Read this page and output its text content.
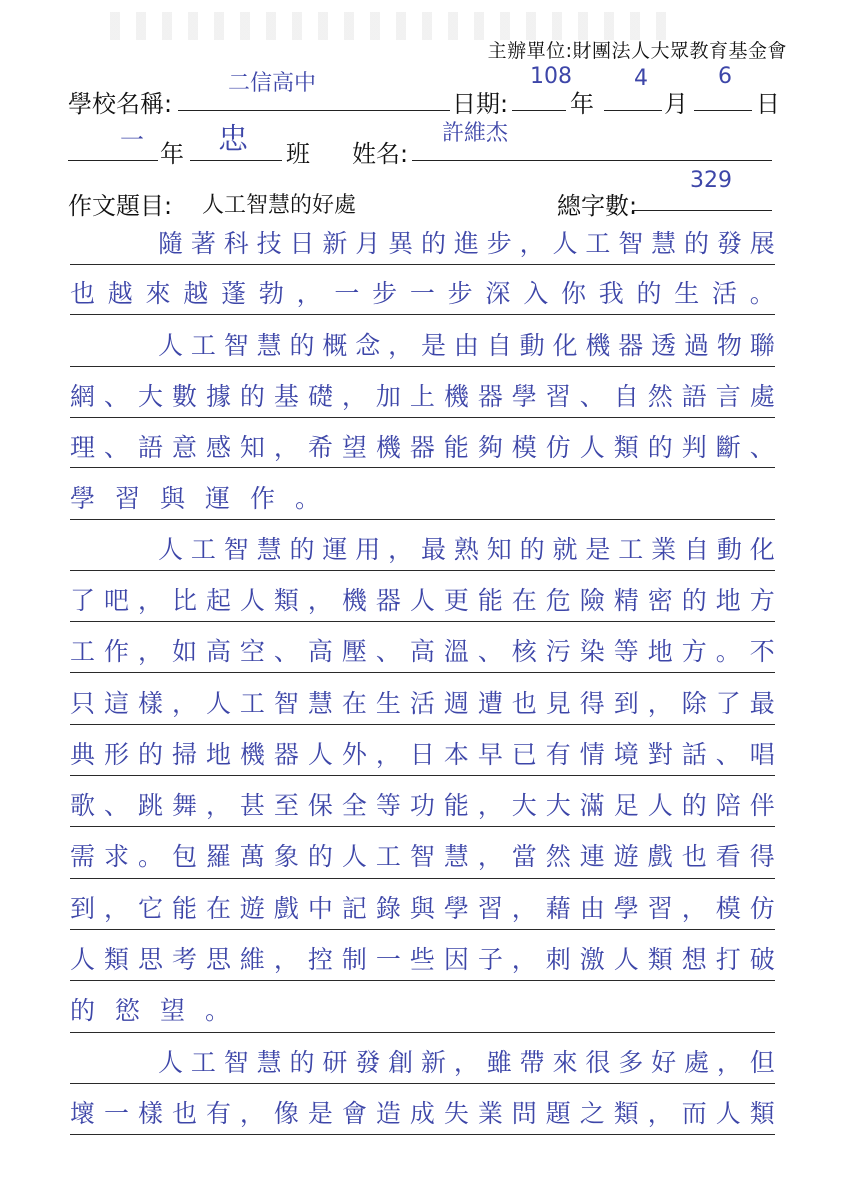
主辦單位:財團法人大眾教育基金會
學校名稱:
二信高中
日期:
108
年
4
月
6
日
一 年 忠 班 姓名:
許維杰
作文題目: 人工智慧的好處	總字數:
329
隨 著 科 技 日 新 月 異 的 進 步 ， 人 工 智 慧 的 發 展
也 越 來 越 蓬 勃 ， 一 步 一 步 深 入 你 我 的 生 活 。
人 工 智 慧 的 概 念 ， 是 由 自 動 化 機 器 透 過 物 聯
網 、 大 數 據 的 基 礎 ， 加 上 機 器 學 習 、 自 然 語 言 處
理 、 語 意 感 知 ， 希 望 機 器 能 夠 模 仿 人 類 的 判 斷 、
學習與運作。
人 工 智 慧 的 運 用 ， 最 熟 知 的 就 是 工 業 自 動 化
了 吧 ， 比 起 人 類 ， 機 器 人 更 能 在 危 險 精 密 的 地 方
工 作 ， 如 高 空 、 高 壓 、 高 溫 、 核 污 染 等 地 方 。 不
只 這 樣 ， 人 工 智 慧 在 生 活 週 遭 也 見 得 到 ， 除 了 最
典 形 的 掃 地 機 器 人 外 ， 日 本 早 已 有 情 境 對 話 、 唱
歌 、 跳 舞 ， 甚 至 保 全 等 功 能 ， 大 大 滿 足 人 的 陪 伴
需 求 。 包 羅 萬 象 的 人 工 智 慧 ， 當 然 連 遊 戲 也 看 得
到 ， 它 能 在 遊 戲 中 記 錄 與 學 習 ， 藉 由 學 習 ， 模 仿
人 類 思 考 思 維 ， 控 制 一 些 因 子 ， 刺 激 人 類 想 打 破
的慾望。
人 工 智 慧 的 研 發 創 新 ， 雖 帶 來 很 多 好 處 ， 但
壞 一 樣 也 有 ， 像 是 會 造 成 失 業 問 題 之 類 ， 而 人 類
